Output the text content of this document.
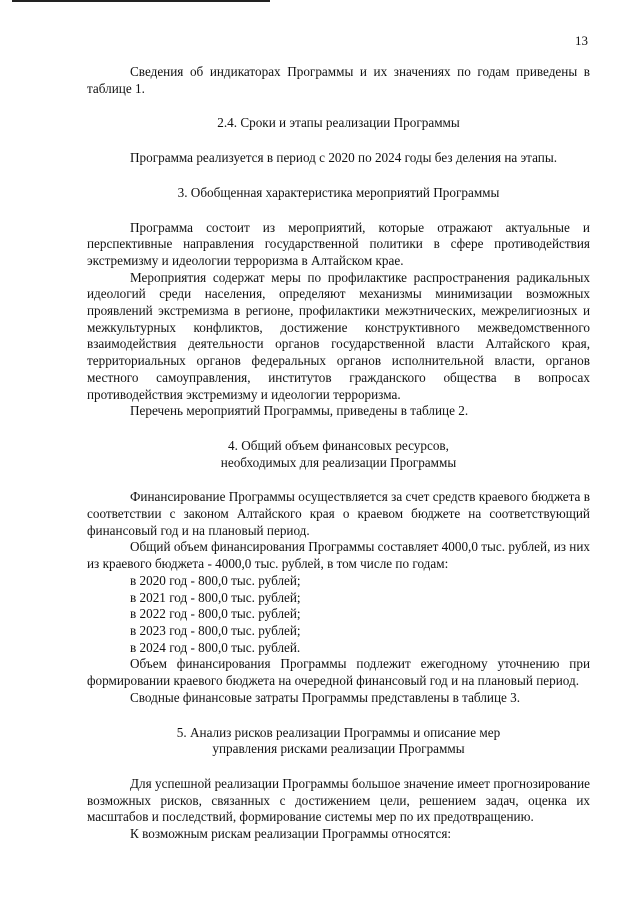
13

Сведения об индикаторах Программы и их значениях по годам приведены в таблице 1.

2.4. Сроки и этапы реализации Программы

Программа реализуется в период с 2020 по 2024 годы без деления на этапы.

3. Обобщенная характеристика мероприятий Программы

Программа состоит из мероприятий, которые отражают актуальные и перспективные направления государственной политики в сфере противодействия экстремизму и идеологии терроризма в Алтайском крае.

Мероприятия содержат меры по профилактике распространения радикальных идеологий среди населения, определяют механизмы минимизации возможных проявлений экстремизма в регионе, профилактики межэтнических, межрелигиозных и межкультурных конфликтов, достижение конструктивного межведомственного взаимодействия деятельности органов государственной власти Алтайского края, территориальных органов федеральных органов исполнительной власти, органов местного самоуправления, институтов гражданского общества в вопросах противодействия экстремизму и идеологии терроризма.

Перечень мероприятий Программы, приведены в таблице 2.

4. Общий объем финансовых ресурсов,
необходимых для реализации Программы

Финансирование Программы осуществляется за счет средств краевого бюджета в соответствии с законом Алтайского края о краевом бюджете на соответствующий финансовый год и на плановый период.

Общий объем финансирования Программы составляет 4000,0 тыс. рублей, из них из краевого бюджета - 4000,0 тыс. рублей, в том числе по годам:

в 2020 год - 800,0 тыс. рублей;

в 2021 год - 800,0 тыс. рублей;

в 2022 год - 800,0 тыс. рублей;

в 2023 год - 800,0 тыс. рублей;

в 2024 год - 800,0 тыс. рублей.

Объем финансирования Программы подлежит ежегодному уточнению при формировании краевого бюджета на очередной финансовый год и на плановый период.

Сводные финансовые затраты Программы представлены в таблице 3.

5. Анализ рисков реализации Программы и описание мер
управления рисками реализации Программы

Для успешной реализации Программы большое значение имеет прогнозирование возможных рисков, связанных с достижением цели, решением задач, оценка их масштабов и последствий, формирование системы мер по их предотвращению.

К возможным рискам реализации Программы относятся:
